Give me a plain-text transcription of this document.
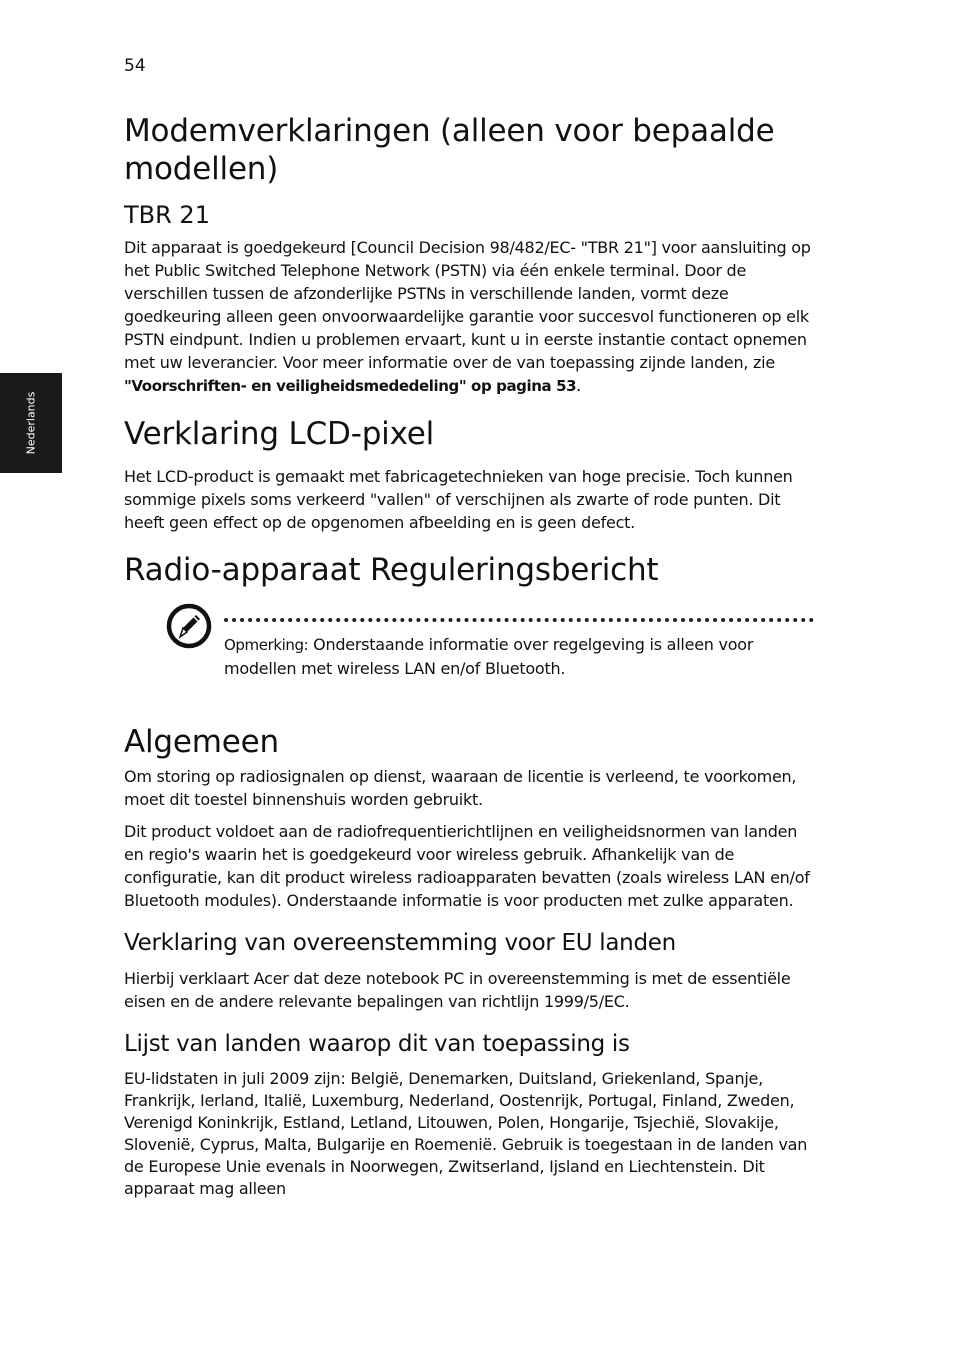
54
Nederlands
Modemverklaringen (alleen voor bepaalde modellen)
TBR 21

Dit apparaat is goedgekeurd [Council Decision 98/482/EC- "TBR 21"] voor aansluiting op het Public Switched Telephone Network (PSTN) via één enkele terminal. Door de verschillen tussen de afzonderlijke PSTNs in verschillende landen, vormt deze goedkeuring alleen geen onvoorwaardelijke garantie voor succesvol functioneren op elk PSTN eindpunt. Indien u problemen ervaart, kunt u in eerste instantie contact opnemen met uw leverancier. Voor meer informatie over de van toepassing zijnde landen, zie "Voorschriften- en veiligheidsmededeling" op pagina 53.

Verklaring LCD-pixel

Het LCD-product is gemaakt met fabricagetechnieken van hoge precisie. Toch kunnen sommige pixels soms verkeerd "vallen" of verschijnen als zwarte of rode punten. Dit heeft geen effect op de opgenomen afbeelding en is geen defect.

Radio-apparaat Reguleringsbericht

Opmerking: Onderstaande informatie over regelgeving is alleen voor modellen met wireless LAN en/of Bluetooth.

Algemeen

Om storing op radiosignalen op dienst, waaraan de licentie is verleend, te voorkomen, moet dit toestel binnenshuis worden gebruikt.

Dit product voldoet aan de radiofrequentierichtlijnen en veiligheidsnormen van landen en regio's waarin het is goedgekeurd voor wireless gebruik. Afhankelijk van de configuratie, kan dit product wireless radioapparaten bevatten (zoals wireless LAN en/of Bluetooth modules). Onderstaande informatie is voor producten met zulke apparaten.

Verklaring van overeenstemming voor EU landen

Hierbij verklaart Acer dat deze notebook PC in overeenstemming is met de essentiële eisen en de andere relevante bepalingen van richtlijn 1999/5/EC.

Lijst van landen waarop dit van toepassing is

EU-lidstaten in juli 2009 zijn: België, Denemarken, Duitsland, Griekenland, Spanje, Frankrijk, Ierland, Italië, Luxemburg, Nederland, Oostenrijk, Portugal, Finland, Zweden, Verenigd Koninkrijk, Estland, Letland, Litouwen, Polen, Hongarije, Tsjechië, Slovakije, Slovenië, Cyprus, Malta, Bulgarije en Roemenië. Gebruik is toegestaan in de landen van de Europese Unie evenals in Noorwegen, Zwitserland, Ijsland en Liechtenstein. Dit apparaat mag alleen
